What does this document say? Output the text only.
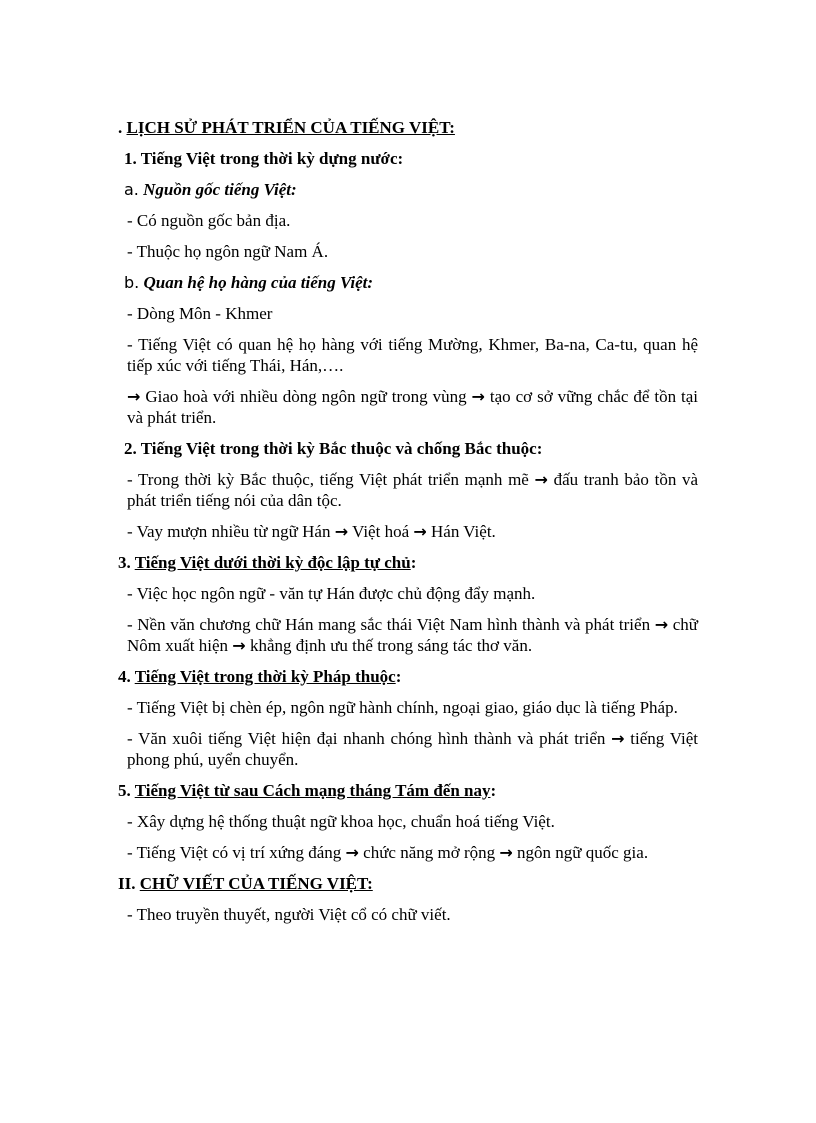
. LỊCH SỬ PHÁT TRIỂN CỦA TIẾNG VIỆT:
1. Tiếng Việt trong thời kỳ dựng nước:
a. Nguồn gốc tiếng Việt:
- Có nguồn gốc bản địa.
- Thuộc họ ngôn ngữ Nam Á.
b. Quan hệ họ hàng của tiếng Việt:
- Dòng Môn - Khmer
- Tiếng Việt có quan hệ họ hàng với tiếng Mường, Khmer, Ba-na, Ca-tu, quan hệ tiếp xúc với tiếng Thái, Hán,….
→ Giao hoà với nhiều dòng ngôn ngữ trong vùng → tạo cơ sở vững chắc để tồn tại và phát triển.
2. Tiếng Việt trong thời kỳ Bắc thuộc và chống Bắc thuộc:
- Trong thời kỳ Bắc thuộc, tiếng Việt phát triển mạnh mẽ → đấu tranh bảo tồn và phát triển tiếng nói của dân tộc.
- Vay mượn nhiều từ ngữ Hán → Việt hoá → Hán Việt.
3. Tiếng Việt dưới thời kỳ độc lập tự chủ:
- Việc học ngôn ngữ - văn tự Hán được chủ động đẩy mạnh.
- Nền văn chương chữ Hán mang sắc thái Việt Nam hình thành và phát triển → chữ Nôm xuất hiện → khẳng định ưu thế trong sáng tác thơ văn.
4. Tiếng Việt trong thời kỳ Pháp thuộc:
- Tiếng Việt bị chèn ép, ngôn ngữ hành chính, ngoại giao, giáo dục là tiếng Pháp.
- Văn xuôi tiếng Việt hiện đại nhanh chóng hình thành và phát triển → tiếng Việt phong phú, uyển chuyển.
5. Tiếng Việt từ sau Cách mạng tháng Tám đến nay:
- Xây dựng hệ thống thuật ngữ khoa học, chuẩn hoá tiếng Việt.
- Tiếng Việt có vị trí xứng đáng → chức năng mở rộng → ngôn ngữ quốc gia.
II. CHỮ VIẾT CỦA TIẾNG VIỆT:
- Theo truyền thuyết, người Việt cổ có chữ viết.
